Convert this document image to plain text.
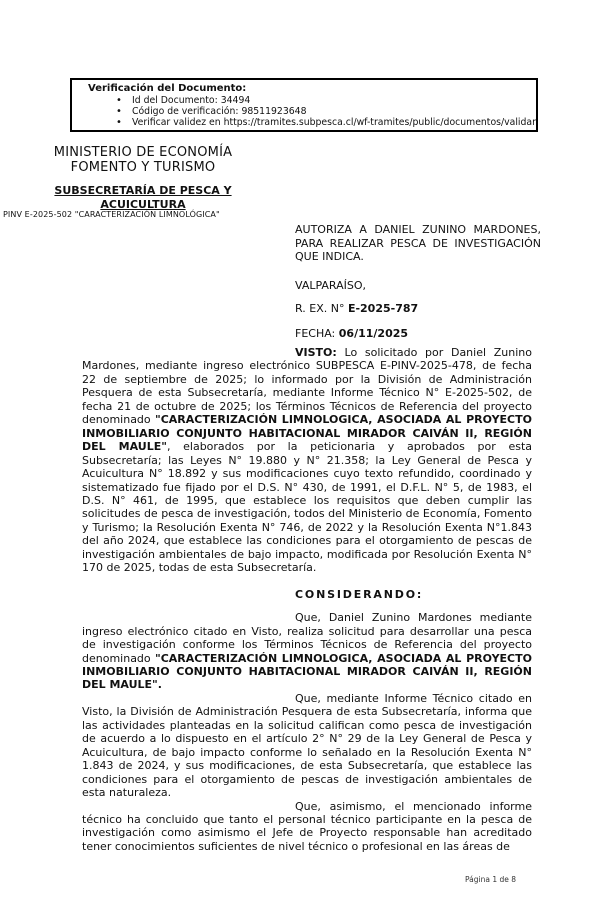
Verificación del Documento:
• Id del Documento: 34494
• Código de verificación: 98511923648
• Verificar validez en https://tramites.subpesca.cl/wf-tramites/public/documentos/validar
MINISTERIO DE ECONOMÍA
FOMENTO Y TURISMO
SUBSECRETARÍA DE PESCA Y
ACUICULTURA
PINV E-2025-502 "CARACTERIZACIÓN LIMNOLÓGICA"
AUTORIZA A DANIEL ZUNINO MARDONES, PARA REALIZAR PESCA DE INVESTIGACIÓN QUE INDICA.
VALPARAÍSO,
R. EX. N° E-2025-787
FECHA: 06/11/2025

VISTO: Lo solicitado por Daniel Zunino Mardones, mediante ingreso electrónico SUBPESCA E-PINV-2025-478, de fecha 22 de septiembre de 2025; lo informado por la División de Administración Pesquera de esta Subsecretaría, mediante Informe Técnico N° E-2025-502, de fecha 21 de octubre de 2025; los Términos Técnicos de Referencia del proyecto denominado "CARACTERIZACIÓN LIMNOLOGICA, ASOCIADA AL PROYECTO INMOBILIARIO CONJUNTO HABITACIONAL MIRADOR CAIVÁN II, REGIÓN DEL MAULE", elaborados por la peticionaria y aprobados por esta Subsecretaría; las Leyes N° 19.880 y N° 21.358; la Ley General de Pesca y Acuicultura N° 18.892 y sus modificaciones cuyo texto refundido, coordinado y sistematizado fue fijado por el D.S. N° 430, de 1991, el D.F.L. N° 5, de 1983, el D.S. N° 461, de 1995, que establece los requisitos que deben cumplir las solicitudes de pesca de investigación, todos del Ministerio de Economía, Fomento y Turismo; la Resolución Exenta N° 746, de 2022 y la Resolución Exenta N°1.843 del año 2024, que establece las condiciones para el otorgamiento de pescas de investigación ambientales de bajo impacto, modificada por Resolución Exenta N° 170 de 2025, todas de esta Subsecretaría.

C O N S I D E R A N D O :

Que, Daniel Zunino Mardones mediante ingreso electrónico citado en Visto, realiza solicitud para desarrollar una pesca de investigación conforme los Términos Técnicos de Referencia del proyecto denominado "CARACTERIZACIÓN LIMNOLOGICA, ASOCIADA AL PROYECTO INMOBILIARIO CONJUNTO HABITACIONAL MIRADOR CAIVÁN II, REGIÓN DEL MAULE".

Que, mediante Informe Técnico citado en Visto, la División de Administración Pesquera de esta Subsecretaría, informa que las actividades planteadas en la solicitud califican como pesca de investigación de acuerdo a lo dispuesto en el artículo 2° N° 29 de la Ley General de Pesca y Acuicultura, de bajo impacto conforme lo señalado en la Resolución Exenta N° 1.843 de 2024, y sus modificaciones, de esta Subsecretaría, que establece las condiciones para el otorgamiento de pescas de investigación ambientales de esta naturaleza.

Que, asimismo, el mencionado informe técnico ha concluido que tanto el personal técnico participante en la pesca de investigación como asimismo el Jefe de Proyecto responsable han acreditado tener conocimientos suficientes de nivel técnico o profesional en las áreas de

Página 1 de 8
